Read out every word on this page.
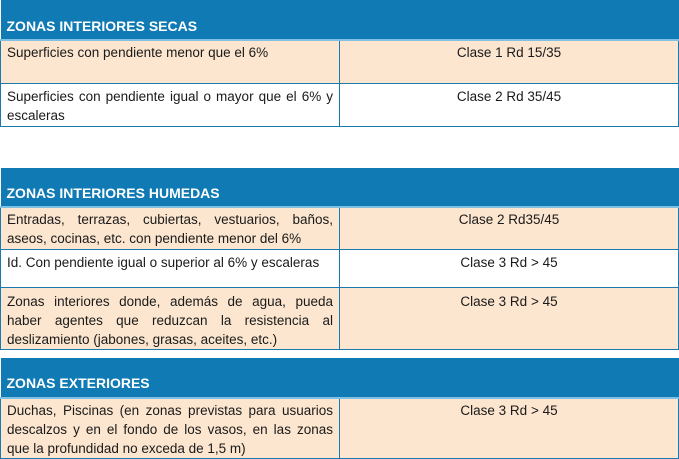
ZONAS INTERIORES SECAS	
Superficies con pendiente menor que el 6%	Clase 1 Rd 15/35
Superficies con pendiente igual o mayor que el 6% y escaleras	Clase 2 Rd 35/45
ZONAS INTERIORES HUMEDAS	
Entradas, terrazas, cubiertas, vestuarios, baños, aseos, cocinas, etc. con pendiente menor del 6%	Clase 2 Rd35/45
Id. Con pendiente igual o superior al 6% y escaleras	Clase 3 Rd > 45
Zonas interiores donde, además de agua, pueda haber agentes que reduzcan la resistencia al deslizamiento (jabones, grasas, aceites, etc.)	Clase 3 Rd > 45
ZONAS EXTERIORES
Duchas, Piscinas (en zonas previstas para usuarios descalzos y en el fondo de los vasos, en las zonas que la profundidad no exceda de 1,5 m)	Clase 3 Rd > 45
